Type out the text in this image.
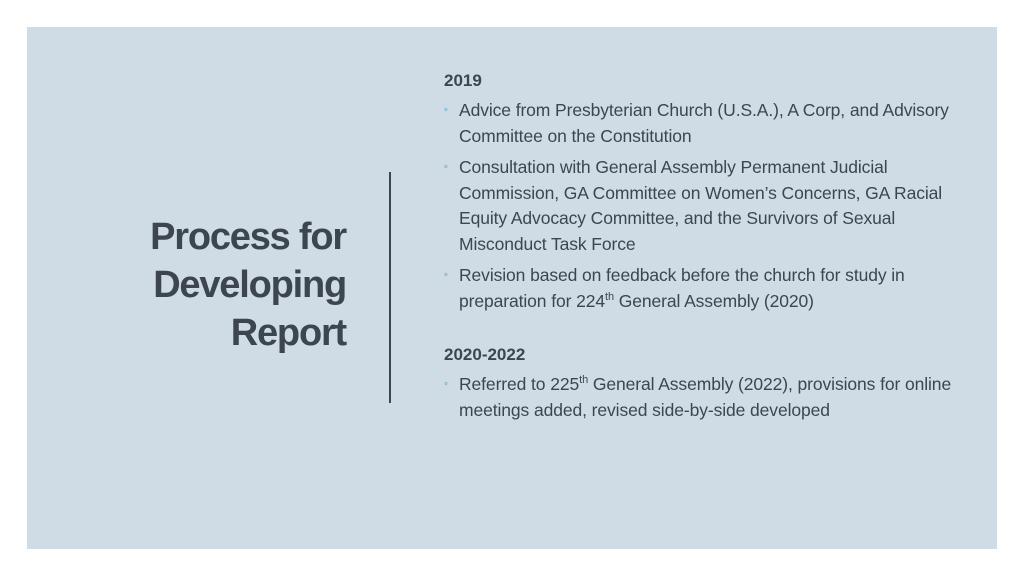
Process for
Developing
Report

2019

◦ Advice from Presbyterian Church (U.S.A.), A Corp, and Advisory Committee on the Constitution
◦ Consultation with General Assembly Permanent Judicial Commission, GA Committee on Women’s Concerns, GA Racial Equity Advocacy Committee, and the Survivors of Sexual Misconduct Task Force
◦ Revision based on feedback before the church for study in preparation for 224th General Assembly (2020)

2020-2022

◦ Referred to 225th General Assembly (2022), provisions for online meetings added, revised side-by-side developed
